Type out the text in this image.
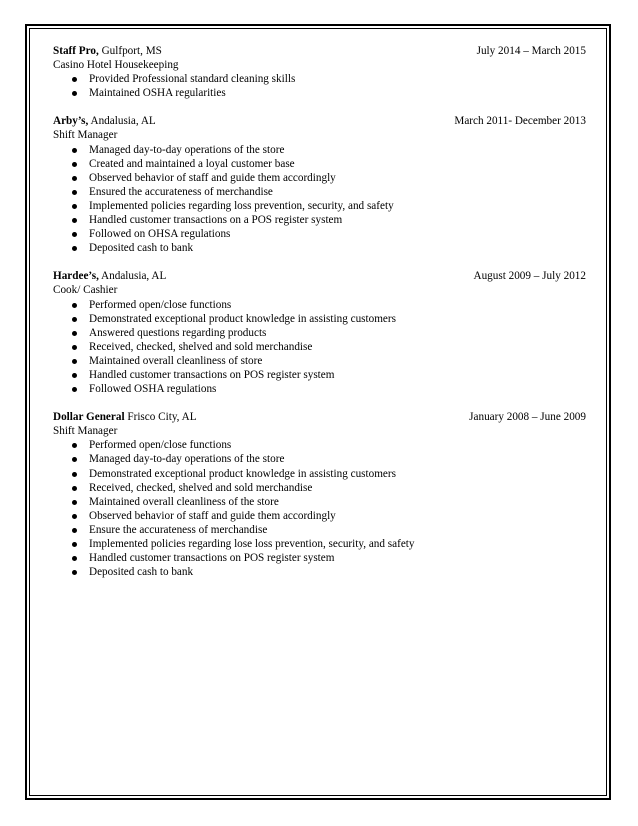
Staff Pro, Gulfport, MS	July 2014 – March 2015
Casino Hotel Housekeeping
Provided Professional standard cleaning skills
Maintained OSHA regularities
Arby’s, Andalusia, AL	March 2011- December 2013
Shift Manager
Managed day-to-day operations of the store
Created and maintained a loyal customer base
Observed behavior of staff and guide them accordingly
Ensured the accurateness of merchandise
Implemented policies regarding loss prevention, security, and safety
Handled customer transactions on a POS register system
Followed on OHSA regulations
Deposited cash to bank
Hardee’s, Andalusia, AL	August 2009 – July 2012
Cook/ Cashier
Performed open/close functions
Demonstrated exceptional product knowledge in assisting customers
Answered questions regarding products
Received, checked, shelved and sold merchandise
Maintained overall cleanliness of store
Handled customer transactions on POS register system
Followed OSHA regulations
Dollar General Frisco City, AL	January 2008 – June 2009
Shift Manager
Performed open/close functions
Managed day-to-day operations of the store
Demonstrated exceptional product knowledge in assisting customers
Received, checked, shelved and sold merchandise
Maintained overall cleanliness of the store
Observed behavior of staff and guide them accordingly
Ensure the accurateness of merchandise
Implemented policies regarding lose loss prevention, security, and safety
Handled customer transactions on POS register system
Deposited cash to bank
